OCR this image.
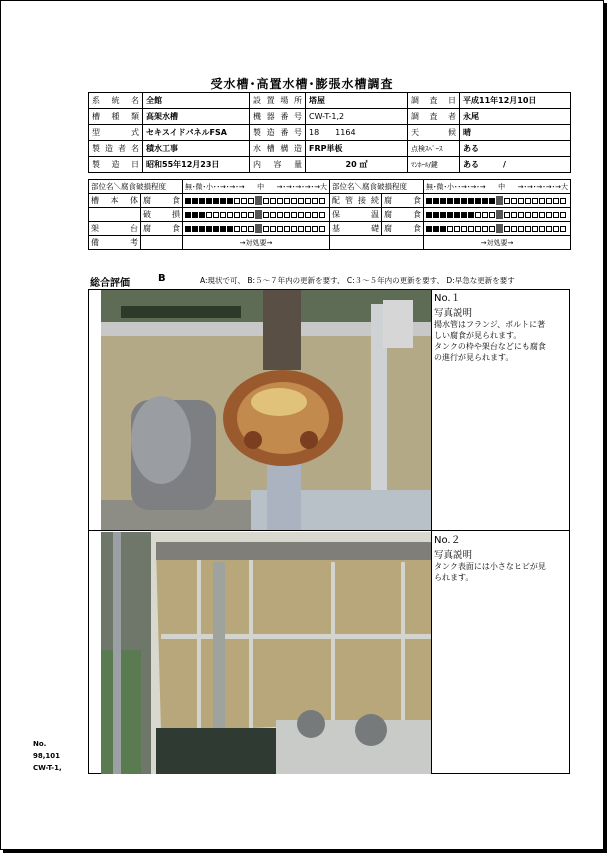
受水槽･高置水槽･膨張水槽調査
系 統 名	全館	設置場所	塔屋	調 査 日	平成11年12月10日
槽種類	高架水槽	機器番号	CW-T-1,2	調 査 者	永尾
型　　式	セキスイドパネルFSA	製造番号	18　　1164	天　　候	晴
製造者名	積水工事	水槽構造	FRP単板	点検ｽﾍﾟｰｽ	ある
製 造 日	昭和55年12月23日	内 容 量	20 ㎥	ﾏﾝﾎｰﾙ/鍵	ある　　　/
部位名＼腐食破損程度		無･微･小･･→･→･→ 中 →･→･→･→･→大	部位名＼腐食破損程度		無･微･小･･→･→･→ 中 →･→･→･→･→大

槽 本 体	腐　食		配管接続	腐　食	

	破　損		保　温	腐　食	

架　台	腐　食		基　礎	腐　食	

備　考		→対処要→			→対処要→
総合評価	B	A:現状で可、 B:５～７年内の更新を要す、 C:３～５年内の更新を要す、 D:早急な更新を要す
No.１
写真説明
揚水管はフランジ、ボルトに著
しい腐食が見られます。
タンクの枠や架台などにも腐食
の進行が見られます。
No.２
写真説明
タンク表面には小さなヒビが見
られます。
No.
98,101
CW-T-1,
